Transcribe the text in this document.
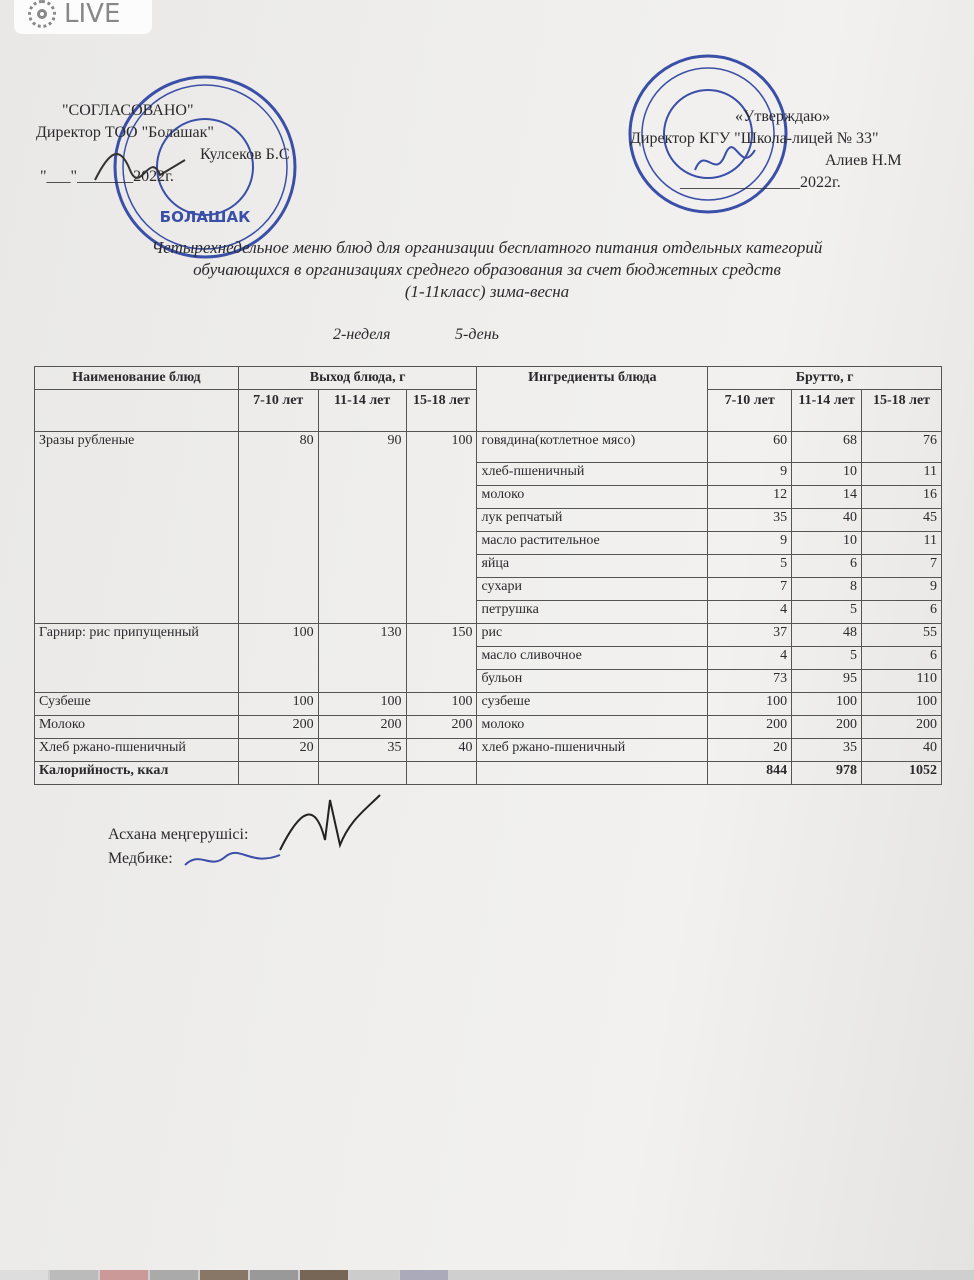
LIVE
БОЛАШАК
"СОГЛАСОВАНО"
Директор ТОО "Болашак"
Кулсеков Б.С
"___"_______2022г.
«Утверждаю»
Директор КГУ "Школа-лицей № 33"
Алиев Н.М
_______________2022г.
Четырехнедельное меню блюд для организации бесплатного питания отдельных категорий
обучающихся в организациях среднего образования за счет бюджетных средств
(1-11класс) зима-весна
2-неделя	5-день
Наименование блюд	Выход блюда, г			Ингредиенты блюда	Брутто, г		
	7-10 лет	11-14 лет	15-18 лет		7-10 лет	11-14 лет	15-18 лет
Зразы рубленые	80	90	100	говядина(котлетное мясо)	60	68	76
				хлеб-пшеничный	9	10	11
				молоко	12	14	16
				лук репчатый	35	40	45
				масло растительное	9	10	11
				яйца	5	6	7
				сухари	7	8	9
				петрушка	4	5	6
Гарнир: рис припущенный	100	130	150	рис	37	48	55
				масло сливочное	4	5	6
				бульон	73	95	110
Сузбеше	100	100	100	сузбеше	100	100	100
Молоко	200	200	200	молоко	200	200	200
Хлеб ржано-пшеничный	20	35	40	хлеб ржано-пшеничный	20	35	40
Калорийность, ккал					844	978	1052
Асхана меңгерушісі:
Медбике:
